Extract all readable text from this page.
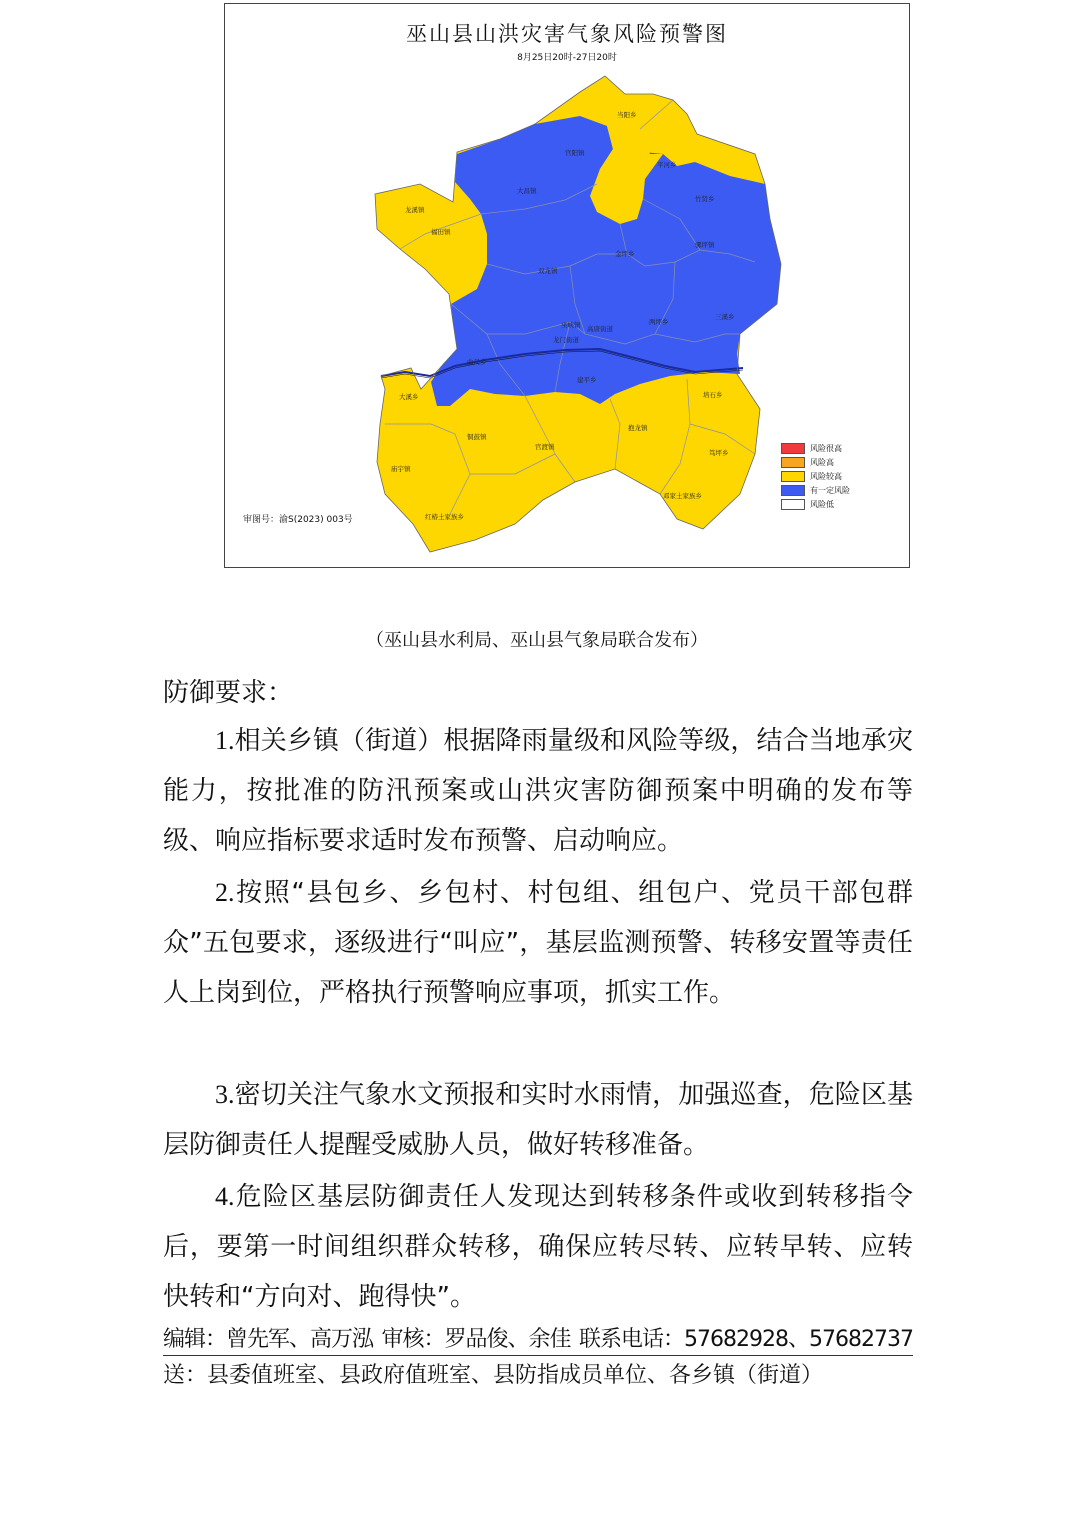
巫山县山洪灾害气象风险预警图
8月25日20时-27日20时
当阳乡
官阳镇
平河乡
大昌镇
龙溪镇
福田镇
竹贤乡
双龙镇
金坪乡
骡坪镇
两坪乡
三溪乡
巫峡镇 高唐街道
龙门街道
建平乡
大溪乡
曲尺乡
培石乡
铜鼓镇
官渡镇
抱龙镇
笃坪乡
庙宇镇
红椿土家族乡
邓家土家族乡
审图号：渝S(2023) 003号
风险很高
风险高
风险较高
有一定风险
风险低
（巫山县水利局、巫山县气象局联合发布）
防御要求：
1.相关乡镇（街道）根据降雨量级和风险等级，结合当地承灾能力，按批准的防汛预案或山洪灾害防御预案中明确的发布等级、响应指标要求适时发布预警、启动响应。
2.按照“县包乡、乡包村、村包组、组包户、党员干部包群众”五包要求，逐级进行“叫应”，基层监测预警、转移安置等责任人上岗到位，严格执行预警响应事项，抓实工作。
3.密切关注气象水文预报和实时水雨情，加强巡查，危险区基层防御责任人提醒受威胁人员，做好转移准备。
4.危险区基层防御责任人发现达到转移条件或收到转移指令后，要第一时间组织群众转移，确保应转尽转、应转早转、应转快转和“方向对、跑得快”。
编辑：曾先军、高万泓 审核：罗品俊、余佳 联系电话：57682928、57682737
送：县委值班室、县政府值班室、县防指成员单位、各乡镇（街道）
